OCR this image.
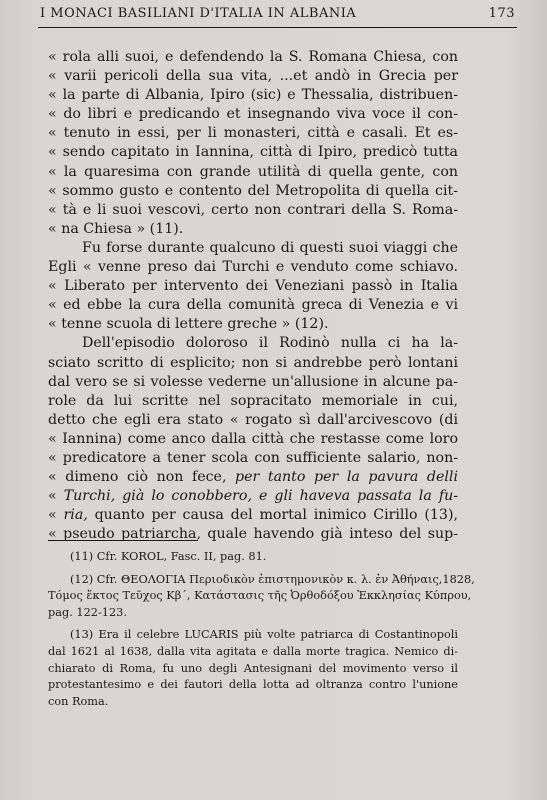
I MONACI BASILIANI D'ITALIA IN ALBANIA	173
« rola alli suoi, e defendendo la S. Romana Chiesa, con
« varii pericoli della sua vita, ...et andò in Grecia per
« la parte di Albania, Ipiro (sic) e Thessalia, distribuen-
« do libri e predicando et insegnando viva voce il con-
« tenuto in essi, per li monasteri, città e casali. Et es-
« sendo capitato in Iannina, città di Ipiro, predicò tutta
« la quaresima con grande utilità di quella gente, con
« sommo gusto e contento del Metropolita di quella cit-
« tà e li suoi vescovi, certo non contrari della S. Roma-
« na Chiesa » (11).
Fu forse durante qualcuno di questi suoi viaggi che
Egli « venne preso dai Turchi e venduto come schiavo.
« Liberato per intervento dei Veneziani passò in Italia
« ed ebbe la cura della comunità greca di Venezia e vi
« tenne scuola di lettere greche » (12).
Dell'episodio doloroso il Rodinò nulla ci ha la-
sciato scritto di esplicito; non si andrebbe però lontani
dal vero se si volesse vederne un'allusione in alcune pa-
role da lui scritte nel sopracitato memoriale in cui,
detto che egli era stato « rogato sì dall'arcivescovo (di
« Iannina) come anco dalla città che restasse come loro
« predicatore a tener scola con sufficiente salario, non-
« dimeno ciò non fece, per tanto per la pavura delli
« Turchi, già lo conobbero, e gli haveva passata la fu-
« ria, quanto per causa del mortal inimico Cirillo (13),
« pseudo patriarcha, quale havendo già inteso del sup-
(11) Cfr. KOROL, Fasc. II, pag. 81.
(12) Cfr. ΘΕΟΛΟΓΙΑ Περιοδικὸν ἐπιστημονικὸν κ. λ. ἐν Ἀθήναις,1828,
Τόμος ἕκτος Τεῦχος Κβ΄, Κατάστασις τῆς Ὀρθοδόξου Ἐκκλησίας Κύπρου,
pag. 122-123.
(13) Era il celebre LUCARIS più volte patriarca di Costantinopoli
dal 1621 al 1638, dalla vita agitata e dalla morte tragica. Nemico di-
chiarato di Roma, fu uno degli Antesignani del movimento verso il
protestantesimo e dei fautori della lotta ad oltranza contro l'unione
con Roma.
